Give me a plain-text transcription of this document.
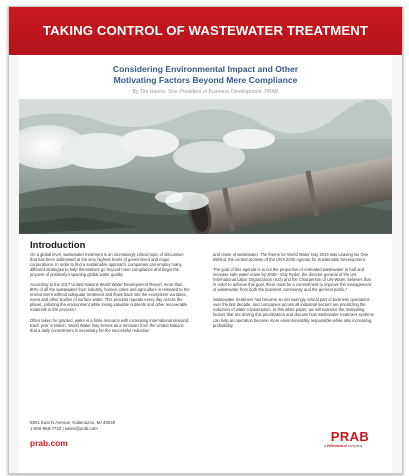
TAKING CONTROL OF WASTEWATER TREATMENT
Considering Environmental Impact and Other
Motivating Factors Beyond Mere Compliance
By Tim Hanna, Vice President of Business Development, PRAB
Introduction

On a global level, wastewater treatment is an increasingly critical topic of discussion that has been addressed at the very highest levels of government and major corporations. In order to find a sustainable approach, companies can employ many different strategies to help themselves go beyond mere compliance and begin the process of positively impacting global water quality.

According to the 2017 United Nations World Water Development Report, more than 80% of all the wastewater from industry, homes, cities and agriculture is released to the environment without adequate treatment and flows back into the ecosystem via lakes, rivers and other bodies of surface water. This process repeats every day across the planet, polluting the environment while losing valuable nutrients and other recoverable materials in the process.¹

Often taken for granted, water is a finite resource with increasing international demand. Each year in March, World Water Day serves as a reminder from the United Nations that a daily commitment is necessary for the successful reduction

and reuse of wastewater. The theme for World Water Day 2019 was Leaving No One Behind, the central promise of the UN's 2030 Agenda for Sustainable Development.

The goal of this agenda is to cut the proportion of untreated wastewater in half and increase safe water reuse by 2030.² Guy Ryder, the director-general of the UN International Labor Organization (ILO) and the Chairperson of UN-Water, believes that in order to achieve this goal, there must be a commitment to improve the management of wastewater from both the business community and the general public.³

Wastewater treatment has become an increasingly critical part of business operations over the last decade, and companies across all industrial sectors are prioritizing the reduction of water consumption. In this white paper, we will examine the motivating factors that are driving this prioritization and discuss how wastewater treatment systems can help an operation become more environmentally responsible while also increasing profitability.

5801 East N Avenue, Kalamazoo, MI 49048
1-800-968-7722 | sales@prab.com
prab.com	PRAB
a Hillenbrand company
